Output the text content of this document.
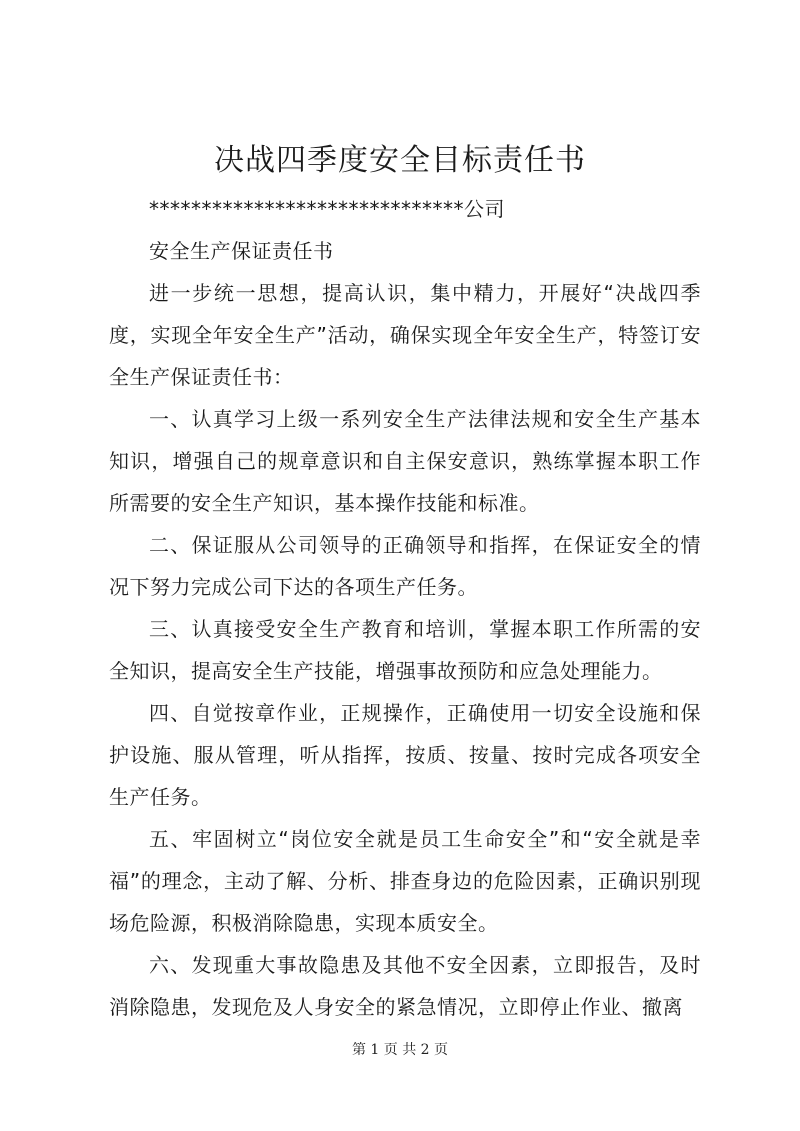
决战四季度安全目标责任书

******************************公司

安全生产保证责任书

进一步统一思想，提高认识，集中精力，开展好“决战四季度，实现全年安全生产”活动，确保实现全年安全生产，特签订安全生产保证责任书：

一、认真学习上级一系列安全生产法律法规和安全生产基本知识，增强自己的规章意识和自主保安意识，熟练掌握本职工作所需要的安全生产知识，基本操作技能和标准。

二、保证服从公司领导的正确领导和指挥，在保证安全的情况下努力完成公司下达的各项生产任务。

三、认真接受安全生产教育和培训，掌握本职工作所需的安全知识，提高安全生产技能，增强事故预防和应急处理能力。

四、自觉按章作业，正规操作，正确使用一切安全设施和保护设施、服从管理，听从指挥，按质、按量、按时完成各项安全生产任务。

五、牢固树立“岗位安全就是员工生命安全”和“安全就是幸福”的理念，主动了解、分析、排查身边的危险因素，正确识别现场危险源，积极消除隐患，实现本质安全。

六、发现重大事故隐患及其他不安全因素，立即报告，及时消除隐患，发现危及人身安全的紧急情况，立即停止作业、撤离

第 1 页 共 2 页
